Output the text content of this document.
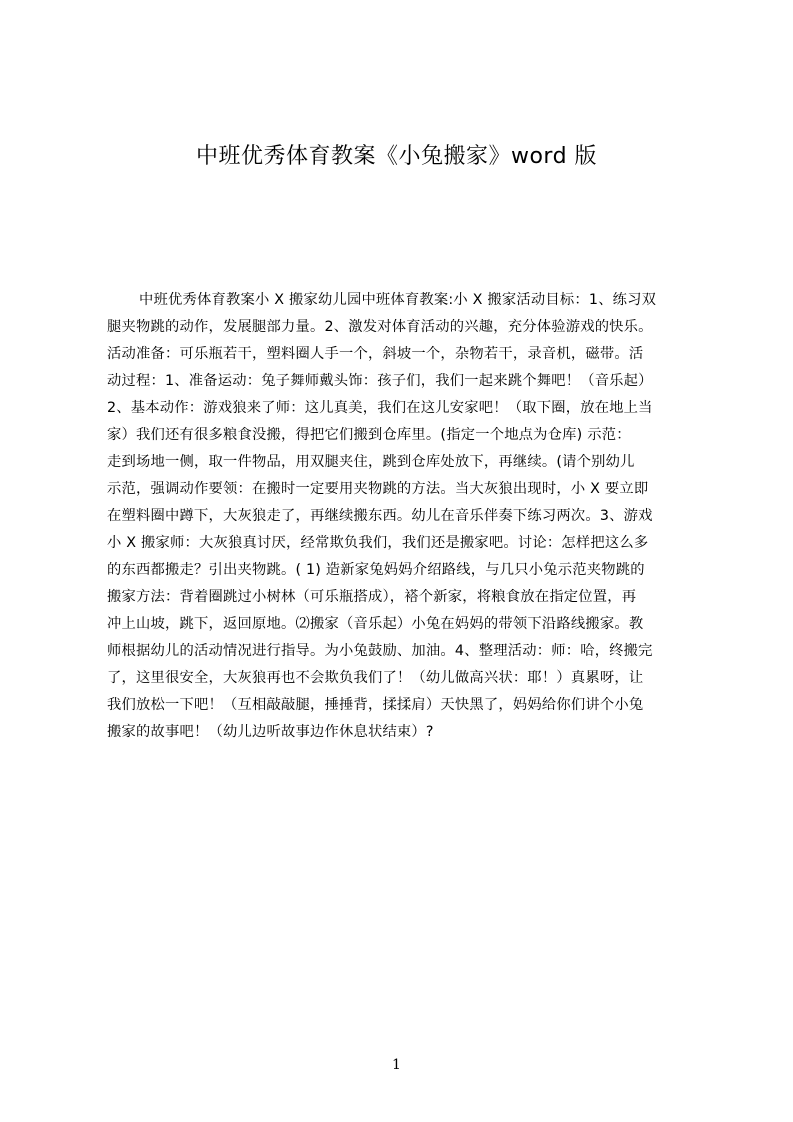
中班优秀体育教案《小兔搬家》word 版
中班优秀体育教案小 X 搬家幼儿园中班体育教案:小 X 搬家活动目标：1、练习双
腿夹物跳的动作，发展腿部力量。2、激发对体育活动的兴趣，充分体验游戏的快乐。
活动准备：可乐瓶若干，塑料圈人手一个，斜坡一个，杂物若干，录音机，磁带。活
动过程：1、准备运动：兔子舞师戴头饰：孩子们，我们一起来跳个舞吧！（音乐起）
2、基本动作：游戏狼来了师：这儿真美，我们在这儿安家吧！（取下圈，放在地上当
家）我们还有很多粮食没搬，得把它们搬到仓库里。(指定一个地点为仓库) 示范：
走到场地一侧，取一件物品，用双腿夹住，跳到仓库处放下，再继续。(请个别幼儿
示范，强调动作要领：在搬时一定要用夹物跳的方法。当大灰狼出现时，小 X 要立即
在塑料圈中蹲下，大灰狼走了，再继续搬东西。幼儿在音乐伴奏下练习两次。3、游戏
小 X 搬家师：大灰狼真讨厌，经常欺负我们，我们还是搬家吧。讨论：怎样把这么多
的东西都搬走？引出夹物跳。( 1) 造新家兔妈妈介绍路线，与几只小兔示范夹物跳的
搬家方法：背着圈跳过小树林（可乐瓶搭成），褡个新家，将粮食放在指定位置，再
冲上山坡，跳下，返回原地。⑵搬家（音乐起）小兔在妈妈的带领下沿路线搬家。教
师根据幼儿的活动情况进行指导。为小兔鼓励、加油。4、整理活动：师：哈，终搬完
了，这里很安全，大灰狼再也不会欺负我们了！（幼儿做高兴状：耶！）真累呀，让
我们放松一下吧！（互相敲敲腿，捶捶背，揉揉肩）天快黑了，妈妈给你们讲个小兔
搬家的故事吧！（幼儿边听故事边作休息状结束）?
1
